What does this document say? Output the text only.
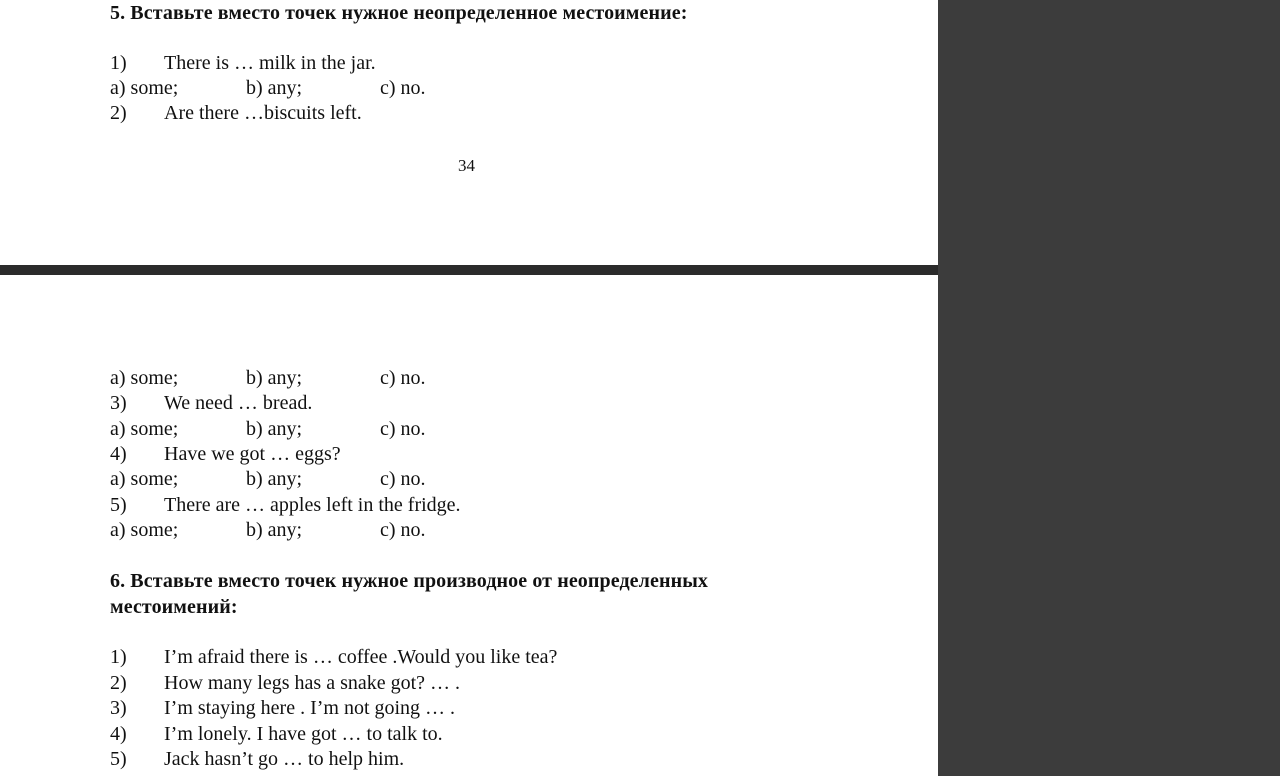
5. Вставьте вместо точек нужное неопределенное местоимение:
1) There is … milk in the jar.
a) some;	b) any;	c) no.
2) Are there …biscuits left.
34
a) some;	b) any;	c) no.
3) We need … bread.
a) some;	b) any;	c) no.
4) Have we got … eggs?
a) some;	b) any;	c) no.
5) There are … apples left in the fridge.
a) some;	b) any;	c) no.
6. Вставьте вместо точек нужное производное от неопределенных
местоимений:
1) I’m afraid there is … coffee .Would you like tea?
2) How many legs has a snake got? … .
3) I’m staying here . I’m not going … .
4) I’m lonely. I have got … to talk to.
5) Jack hasn’t go … to help him.
